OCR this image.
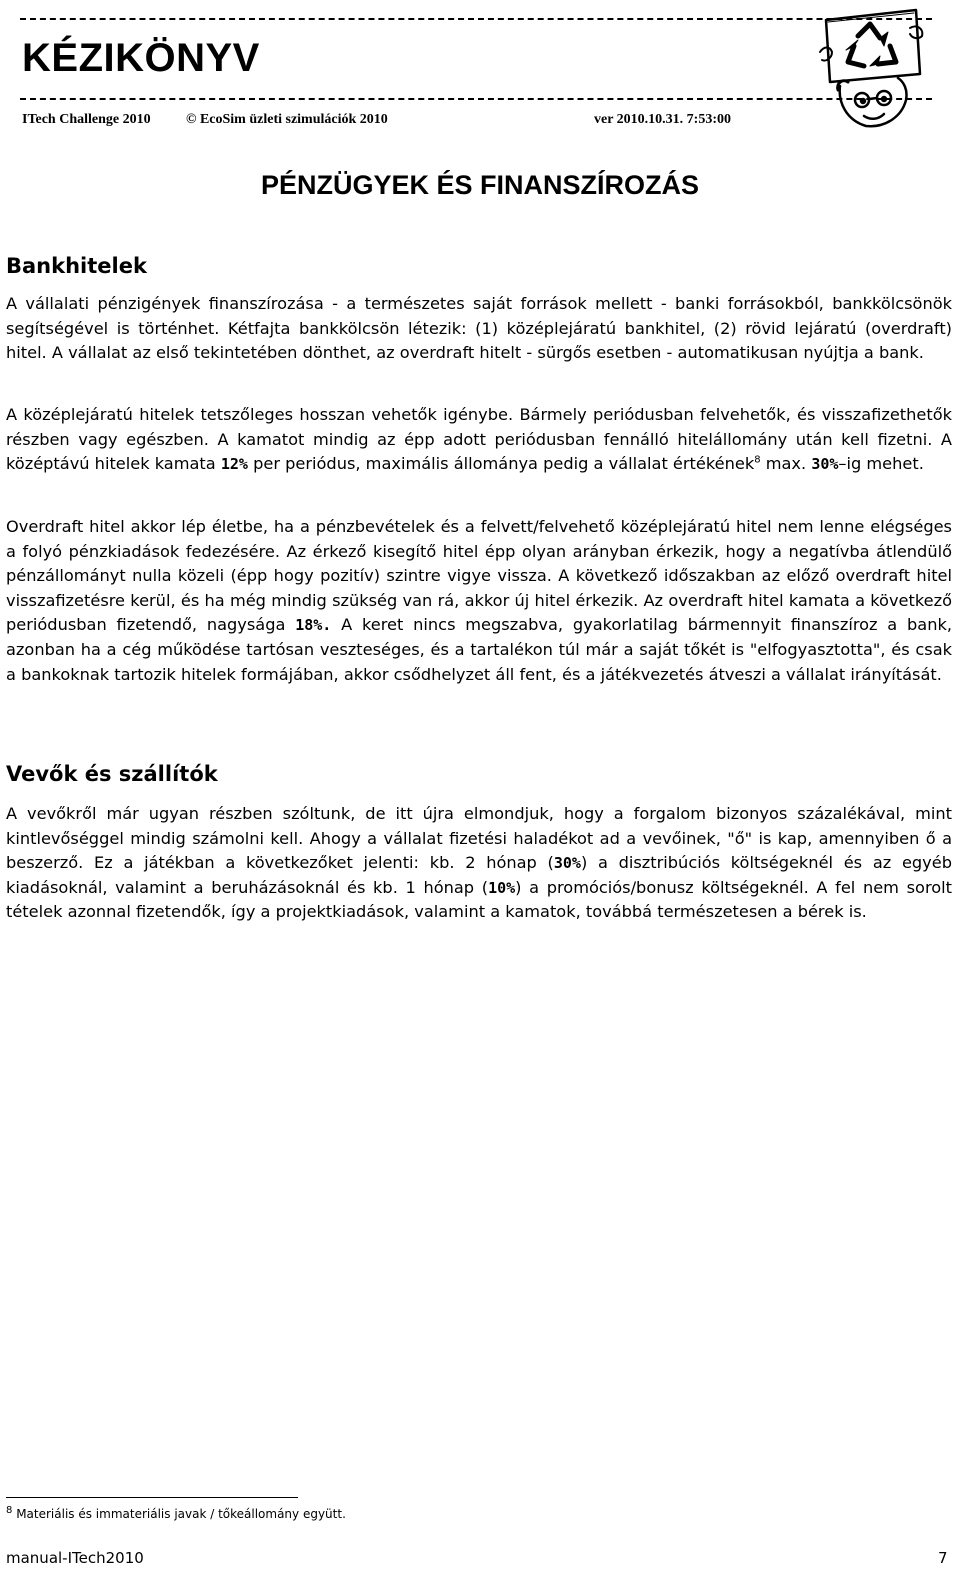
KÉZIKÖNYV
ITech Challenge 2010	© EcoSim üzleti szimulációk 2010	ver 2010.10.31. 7:53:00
PÉNZÜGYEK ÉS FINANSZÍROZÁS
Bankhitelek

A vállalati pénzigények finanszírozása - a természetes saját források mellett - banki forrásokból, bankkölcsönök segítségével is történhet. Kétfajta bankkölcsön létezik: (1) középlejáratú bankhitel, (2) rövid lejáratú (overdraft) hitel. A vállalat az első tekintetében dönthet, az overdraft hitelt - sürgős esetben - automatikusan nyújtja a bank.

A középlejáratú hitelek tetszőleges hosszan vehetők igénybe. Bármely periódusban felvehetők, és visszafizethetők részben vagy egészben. A kamatot mindig az épp adott periódusban fennálló hitelállomány után kell fizetni. A középtávú hitelek kamata 12% per periódus, maximális állománya pedig a vállalat értékének$^8$ max. 30%–ig mehet.

Overdraft hitel akkor lép életbe, ha a pénzbevételek és a felvett/felvehető középlejáratú hitel nem lenne elégséges a folyó pénzkiadások fedezésére. Az érkező kisegítő hitel épp olyan arányban érkezik, hogy a negatívba átlendülő pénzállományt nulla közeli (épp hogy pozitív) szintre vigye vissza. A következő időszakban az előző overdraft hitel visszafizetésre kerül, és ha még mindig szükség van rá, akkor új hitel érkezik. Az overdraft hitel kamata a következő periódusban fizetendő, nagysága 18%. A keret nincs megszabva, gyakorlatilag bármennyit finanszíroz a bank, azonban ha a cég működése tartósan veszteséges, és a tartalékon túl már a saját tőkét is "elfogyasztotta", és csak a bankoknak tartozik hitelek formájában, akkor csődhelyzet áll fent, és a játékvezetés átveszi a vállalat irányítását.

Vevők és szállítók

A vevőkről már ugyan részben szóltunk, de itt újra elmondjuk, hogy a forgalom bizonyos százalékával, mint kintlevőséggel mindig számolni kell. Ahogy a vállalat fizetési haladékot ad a vevőinek, "ő" is kap, amennyiben ő a beszerző. Ez a játékban a következőket jelenti: kb. 2 hónap (30%) a disztribúciós költségeknél és az egyéb kiadásoknál, valamint a beruházásoknál és kb. 1 hónap (10%) a promóciós/bonusz költségeknél. A fel nem sorolt tételek azonnal fizetendők, így a projektkiadások, valamint a kamatok, továbbá természetesen a bérek is.

$^8$ Materiális és immateriális javak / tőkeállomány együtt.

manual-ITech2010	7
